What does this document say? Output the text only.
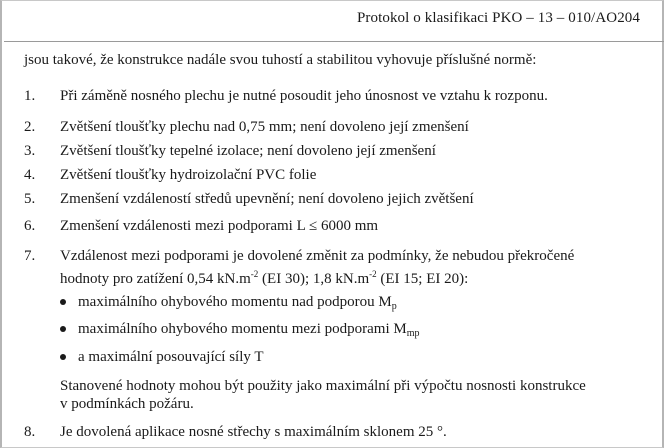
Protokol o klasifikaci PKO – 13 – 010/AO204
jsou takové, že konstrukce nadále svou tuhostí a stabilitou vyhovuje příslušné normě:
1. Při záměně nosného plechu je nutné posoudit jeho únosnost ve vztahu k rozponu.
2. Zvětšení tloušťky plechu nad 0,75 mm; není dovoleno její zmenšení
3. Zvětšení tloušťky tepelné izolace; není dovoleno její zmenšení
4. Zvětšení tloušťky hydroizolační PVC folie
5. Zmenšení vzdáleností středů upevnění; není dovoleno jejich zvětšení
6. Zmenšení vzdálenosti mezi podporami L ≤ 6000 mm
7.	Vzdálenost mezi podporami je dovolené změnit za podmínky, že nebudou překročené
hodnoty pro zatížení 0,54 $kN.m^{-2}$ (EI 30); 1,8 $kN.m^{-2}$ (EI 15; EI 20):
maximálního ohybového momentu nad podporou $M_p$
maximálního ohybového momentu mezi podporami $M_{mp}$
a maximální posouvající síly T
Stanovené hodnoty mohou být použity jako maximální při výpočtu nosnosti konstrukce
v podmínkách požáru.
8. Je dovolená aplikace nosné střechy s maximálním sklonem 25 °.
